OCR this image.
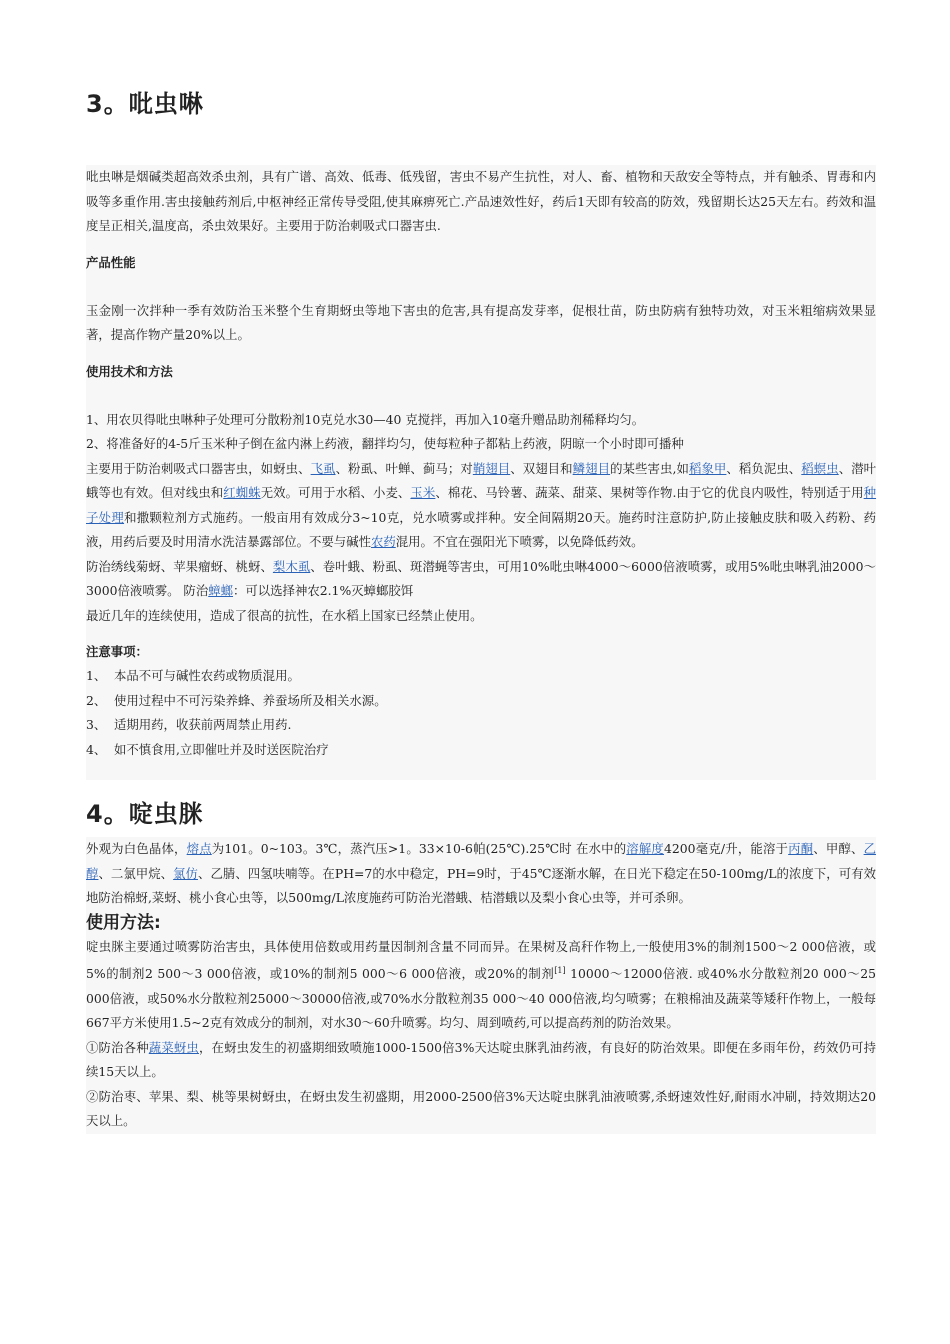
3。吡虫啉

吡虫啉是烟碱类超高效杀虫剂，具有广谱、高效、低毒、低残留，害虫不易产生抗性，对人、畜、植物和天敌安全等特点，并有触杀、胃毒和内吸等多重作用.害虫接触药剂后,中枢神经正常传导受阻,使其麻痹死亡.产品速效性好，药后1天即有较高的防效，残留期长达25天左右。药效和温度呈正相关,温度高，杀虫效果好。主要用于防治刺吸式口器害虫.

产品性能

玉金刚一次拌种一季有效防治玉米整个生育期蚜虫等地下害虫的危害,具有提高发芽率，促根壮苗，防虫防病有独特功效，对玉米粗缩病效果显著，提高作物产量20%以上。

使用技术和方法

1、用农贝得吡虫啉种子处理可分散粉剂10克兑水30—40 克搅拌，再加入10毫升赠品助剂稀释均匀。

2、将准备好的4-5斤玉米种子倒在盆内淋上药液，翻拌均匀，使每粒种子都粘上药液，阴晾一个小时即可播种

主要用于防治刺吸式口器害虫，如蚜虫、飞虱、粉虱、叶蝉、蓟马；对鞘翅目、双翅目和鳞翅目的某些害虫,如稻象甲、稻负泥虫、稻螟虫、潜叶蛾等也有效。但对线虫和红蜘蛛无效。可用于水稻、小麦、玉米、棉花、马铃薯、蔬菜、甜菜、果树等作物.由于它的优良内吸性，特别适于用种子处理和撒颗粒剂方式施药。一般亩用有效成分3~10克，兑水喷雾或拌种。安全间隔期20天。施药时注意防护,防止接触皮肤和吸入药粉、药液，用药后要及时用清水洗洁暴露部位。不要与碱性农药混用。不宜在强阳光下喷雾，以免降低药效。

防治绣线菊蚜、苹果瘤蚜、桃蚜、梨木虱、卷叶蛾、粉虱、斑潜蝇等害虫，可用10%吡虫啉4000～6000倍液喷雾，或用5%吡虫啉乳油2000～3000倍液喷雾。 防治蟑螂：可以选择神农2.1%灭蟑螂胶饵

最近几年的连续使用，造成了很高的抗性，在水稻上国家已经禁止使用。

注意事项：

1、 本品不可与碱性农药或物质混用。

2、 使用过程中不可污染养蜂、养蚕场所及相关水源。

3、 适期用药，收获前两周禁止用药.

4、 如不慎食用,立即催吐并及时送医院治疗

4。啶虫脒

外观为白色晶体，熔点为101。0~103。3℃，蒸汽压>1。33×10-6帕(25℃).25℃时 在水中的溶解度4200毫克/升，能溶于丙酮、甲醇、乙醇、二氯甲烷、氯仿、乙腈、四氢呋喃等。在PH=7的水中稳定，PH=9时，于45℃逐渐水解，在日光下稳定在50-100mg/L的浓度下，可有效地防治棉蚜,菜蚜、桃小食心虫等，以500mg/L浓度施药可防治光潜蛾、桔潜蛾以及梨小食心虫等，并可杀卵。

使用方法:

啶虫脒主要通过喷雾防治害虫，具体使用倍数或用药量因制剂含量不同而异。在果树及高秆作物上,一般使用3%的制剂1500～2 000倍液，或5%的制剂2 500～3 000倍液，或10%的制剂5 000～6 000倍液，或20%的制剂[1] 10000～12000倍液. 或40%水分散粒剂20 000～25 000倍液，或50%水分散粒剂25000～30000倍液,或70%水分散粒剂35 000～40 000倍液,均匀喷雾；在粮棉油及蔬菜等矮秆作物上，一般每667平方米使用1.5~2克有效成分的制剂，对水30～60升喷雾。均匀、周到喷药,可以提高药剂的防治效果。

①防治各种蔬菜蚜虫，在蚜虫发生的初盛期细致喷施1000-1500倍3%天达啶虫脒乳油药液，有良好的防治效果。即便在多雨年份，药效仍可持续15天以上。

②防治枣、苹果、梨、桃等果树蚜虫，在蚜虫发生初盛期，用2000-2500倍3%天达啶虫脒乳油液喷雾,杀蚜速效性好,耐雨水冲刷，持效期达20天以上。
